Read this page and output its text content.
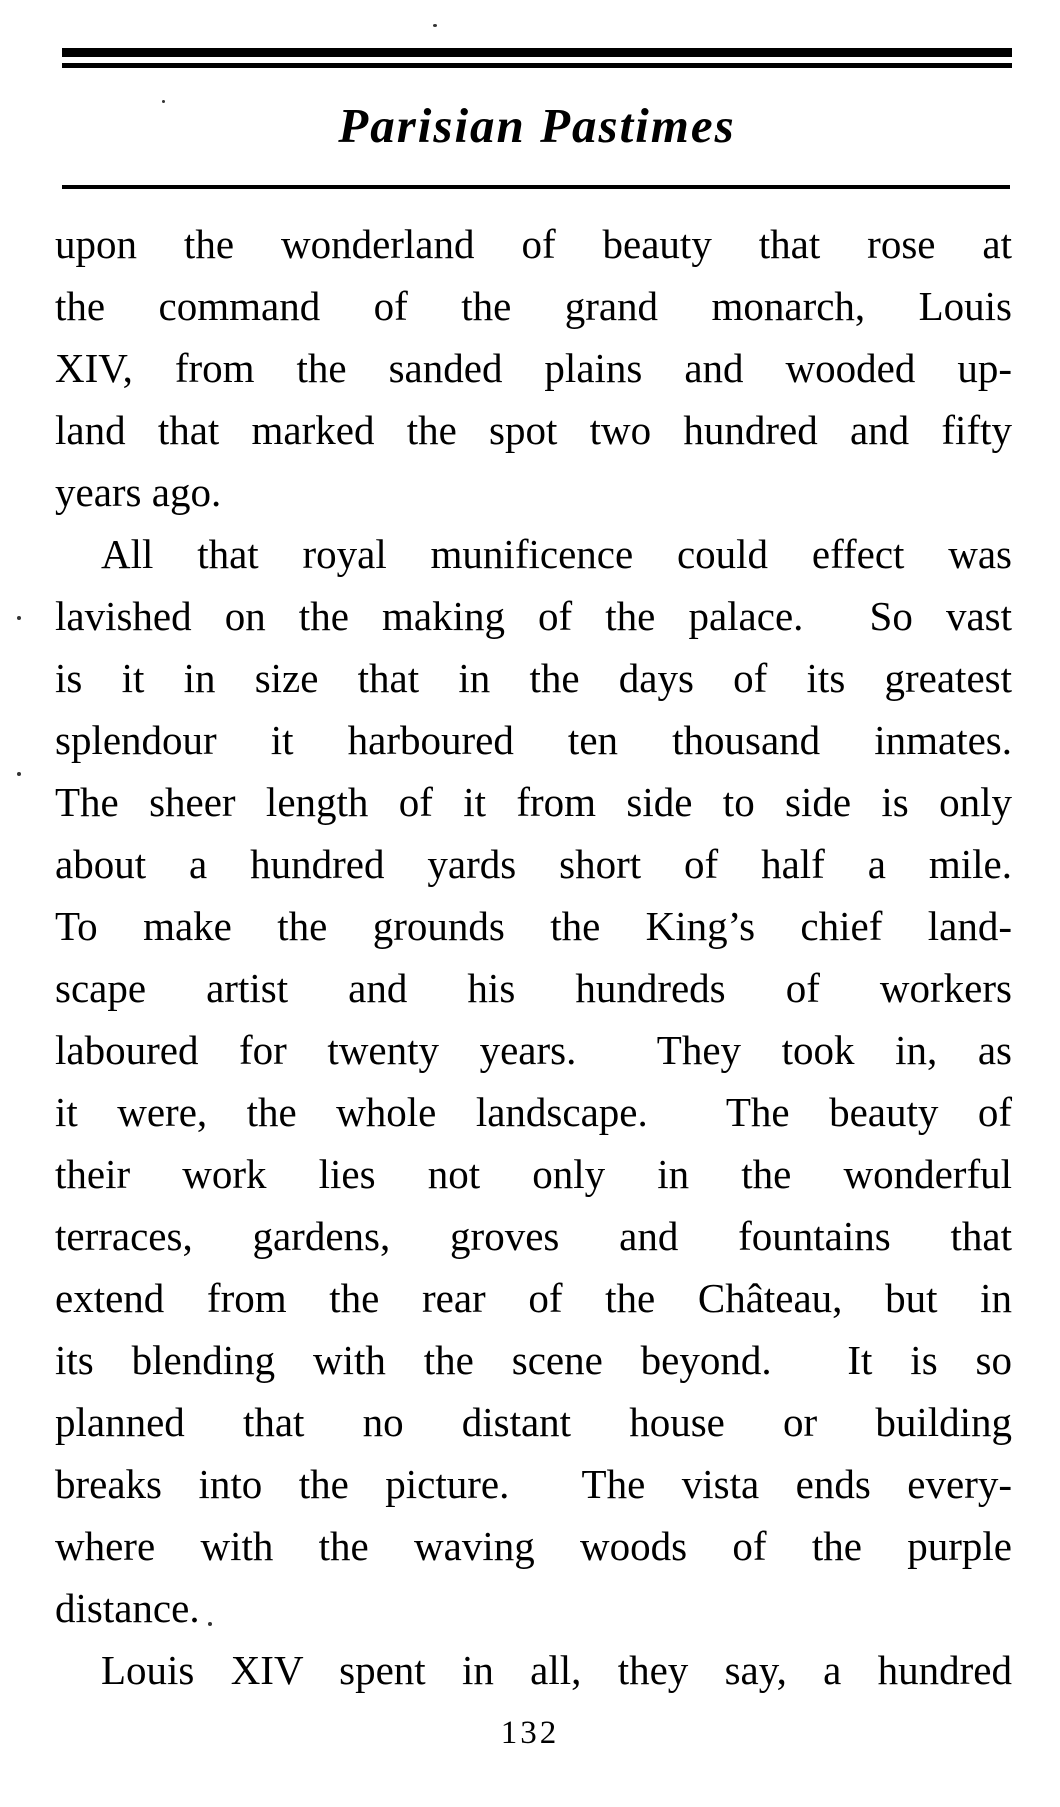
Parisian Pastimes

upon the wonderland of beauty that rose at
the command of the grand monarch, Louis
XIV, from the sanded plains and wooded up-
land that marked the spot two hundred and fifty
years ago.

All that royal munificence could effect was
lavished on the making of the palace.  So vast
is it in size that in the days of its greatest
splendour it harboured ten thousand inmates.
The sheer length of it from side to side is only
about a hundred yards short of half a mile.
To make the grounds the King’s chief land-
scape artist and his hundreds of workers
laboured for twenty years.  They took in, as
it were, the whole landscape.  The beauty of
their work lies not only in the wonderful
terraces, gardens, groves and fountains that
extend from the rear of the Château, but in
its blending with the scene beyond.  It is so
planned that no distant house or building
breaks into the picture.  The vista ends every-
where with the waving woods of the purple
distance.

Louis XIV spent in all, they say, a hundred

132
